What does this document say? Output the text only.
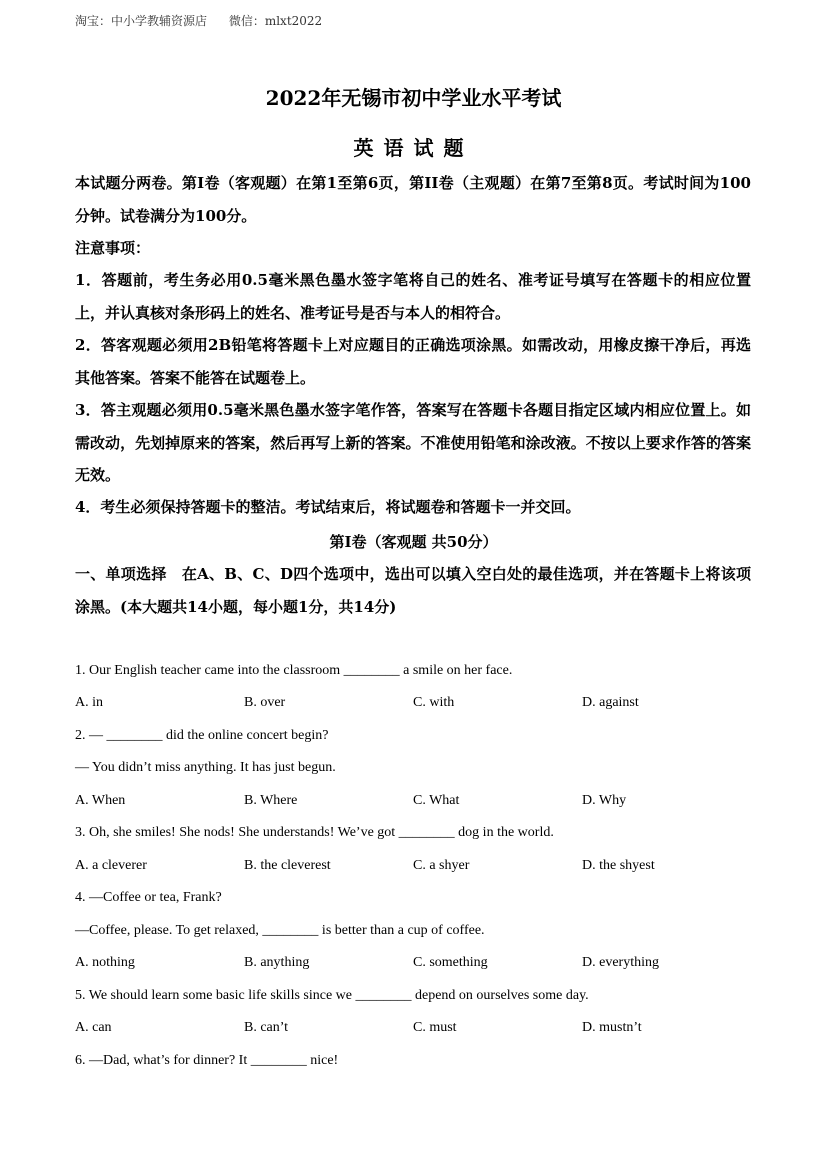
淘宝：中小学教辅资源店 微信：mlxt2022
2022年无锡市初中学业水平考试
英语试题
本试题分两卷。第I卷（客观题）在第1至第6页，第II卷（主观题）在第7至第8页。考试时间为100分钟。试卷满分为100分。
注意事项：
1．答题前，考生务必用0.5毫米黑色墨水签字笔将自己的姓名、准考证号填写在答题卡的相应位置上，并认真核对条形码上的姓名、准考证号是否与本人的相符合。
2．答客观题必须用2B铅笔将答题卡上对应题目的正确选项涂黑。如需改动，用橡皮擦干净后，再选其他答案。答案不能答在试题卷上。
3．答主观题必须用0.5毫米黑色墨水签字笔作答，答案写在答题卡各题目指定区域内相应位置上。如需改动，先划掉原来的答案，然后再写上新的答案。不准使用铅笔和涂改液。不按以上要求作答的答案无效。
4．考生必须保持答题卡的整洁。考试结束后，将试题卷和答题卡一并交回。
第I卷（客观题 共50分）
一、单项选择　在A、B、C、D四个选项中，选出可以填入空白处的最佳选项，并在答题卡上将该项涂黑。(本大题共14小题，每小题1分，共14分)
1. Our English teacher came into the classroom ________ a smile on her face.
A. in	B. over	C. with	D. against
2. — ________ did the online concert begin?
— You didn’t miss anything. It has just begun.
A. When	B. Where	C. What	D. Why
3. Oh, she smiles! She nods! She understands! We’ve got ________ dog in the world.
A. a cleverer	B. the cleverest	C. a shyer	D. the shyest
4. —Coffee or tea, Frank?
—Coffee, please. To get relaxed, ________ is better than a cup of coffee.
A. nothing	B. anything	C. something	D. everything
5. We should learn some basic life skills since we ________ depend on ourselves some day.
A. can	B. can’t	C. must	D. mustn’t
6. —Dad, what’s for dinner? It ________ nice!
